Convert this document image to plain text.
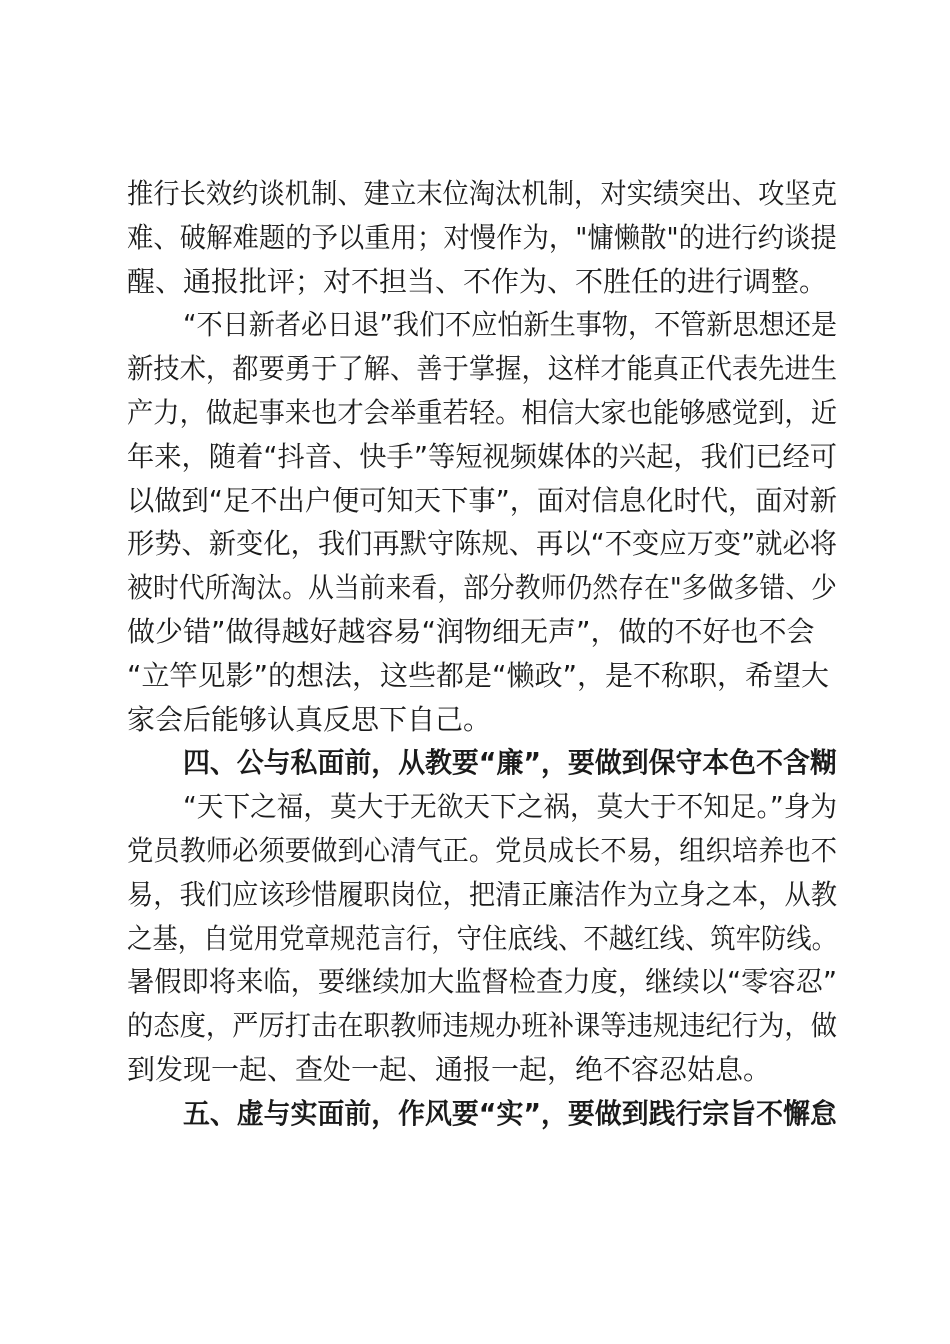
推行长效约谈机制、建立末位淘汰机制，对实绩突出、攻坚克
难、破解难题的予以重用；对慢作为，"慵懒散"的进行约谈提
醒、通报批评；对不担当、不作为、不胜任的进行调整。
“不日新者必日退”我们不应怕新生事物，不管新思想还是
新技术，都要勇于了解、善于掌握，这样才能真正代表先进生
产力，做起事来也才会举重若轻。相信大家也能够感觉到，近
年来，随着“抖音、快手”等短视频媒体的兴起，我们已经可
以做到“足不出户便可知天下事”，面对信息化时代，面对新
形势、新变化，我们再默守陈规、再以“不变应万变”就必将
被时代所淘汰。从当前来看，部分教师仍然存在"多做多错、少
做少错”做得越好越容易“润物细无声”，做的不好也不会
“立竿见影”的想法，这些都是“懒政”，是不称职，希望大
家会后能够认真反思下自己。
四、公与私面前，从教要“廉”，要做到保守本色不含糊
“天下之福，莫大于无欲天下之祸，莫大于不知足。”身为
党员教师必须要做到心清气正。党员成长不易，组织培养也不
易，我们应该珍惜履职岗位，把清正廉洁作为立身之本，从教
之基，自觉用党章规范言行，守住底线、不越红线、筑牢防线。
暑假即将来临，要继续加大监督检查力度，继续以“零容忍”
的态度，严厉打击在职教师违规办班补课等违规违纪行为，做
到发现一起、查处一起、通报一起，绝不容忍姑息。
五、虚与实面前，作风要“实”，要做到践行宗旨不懈怠
